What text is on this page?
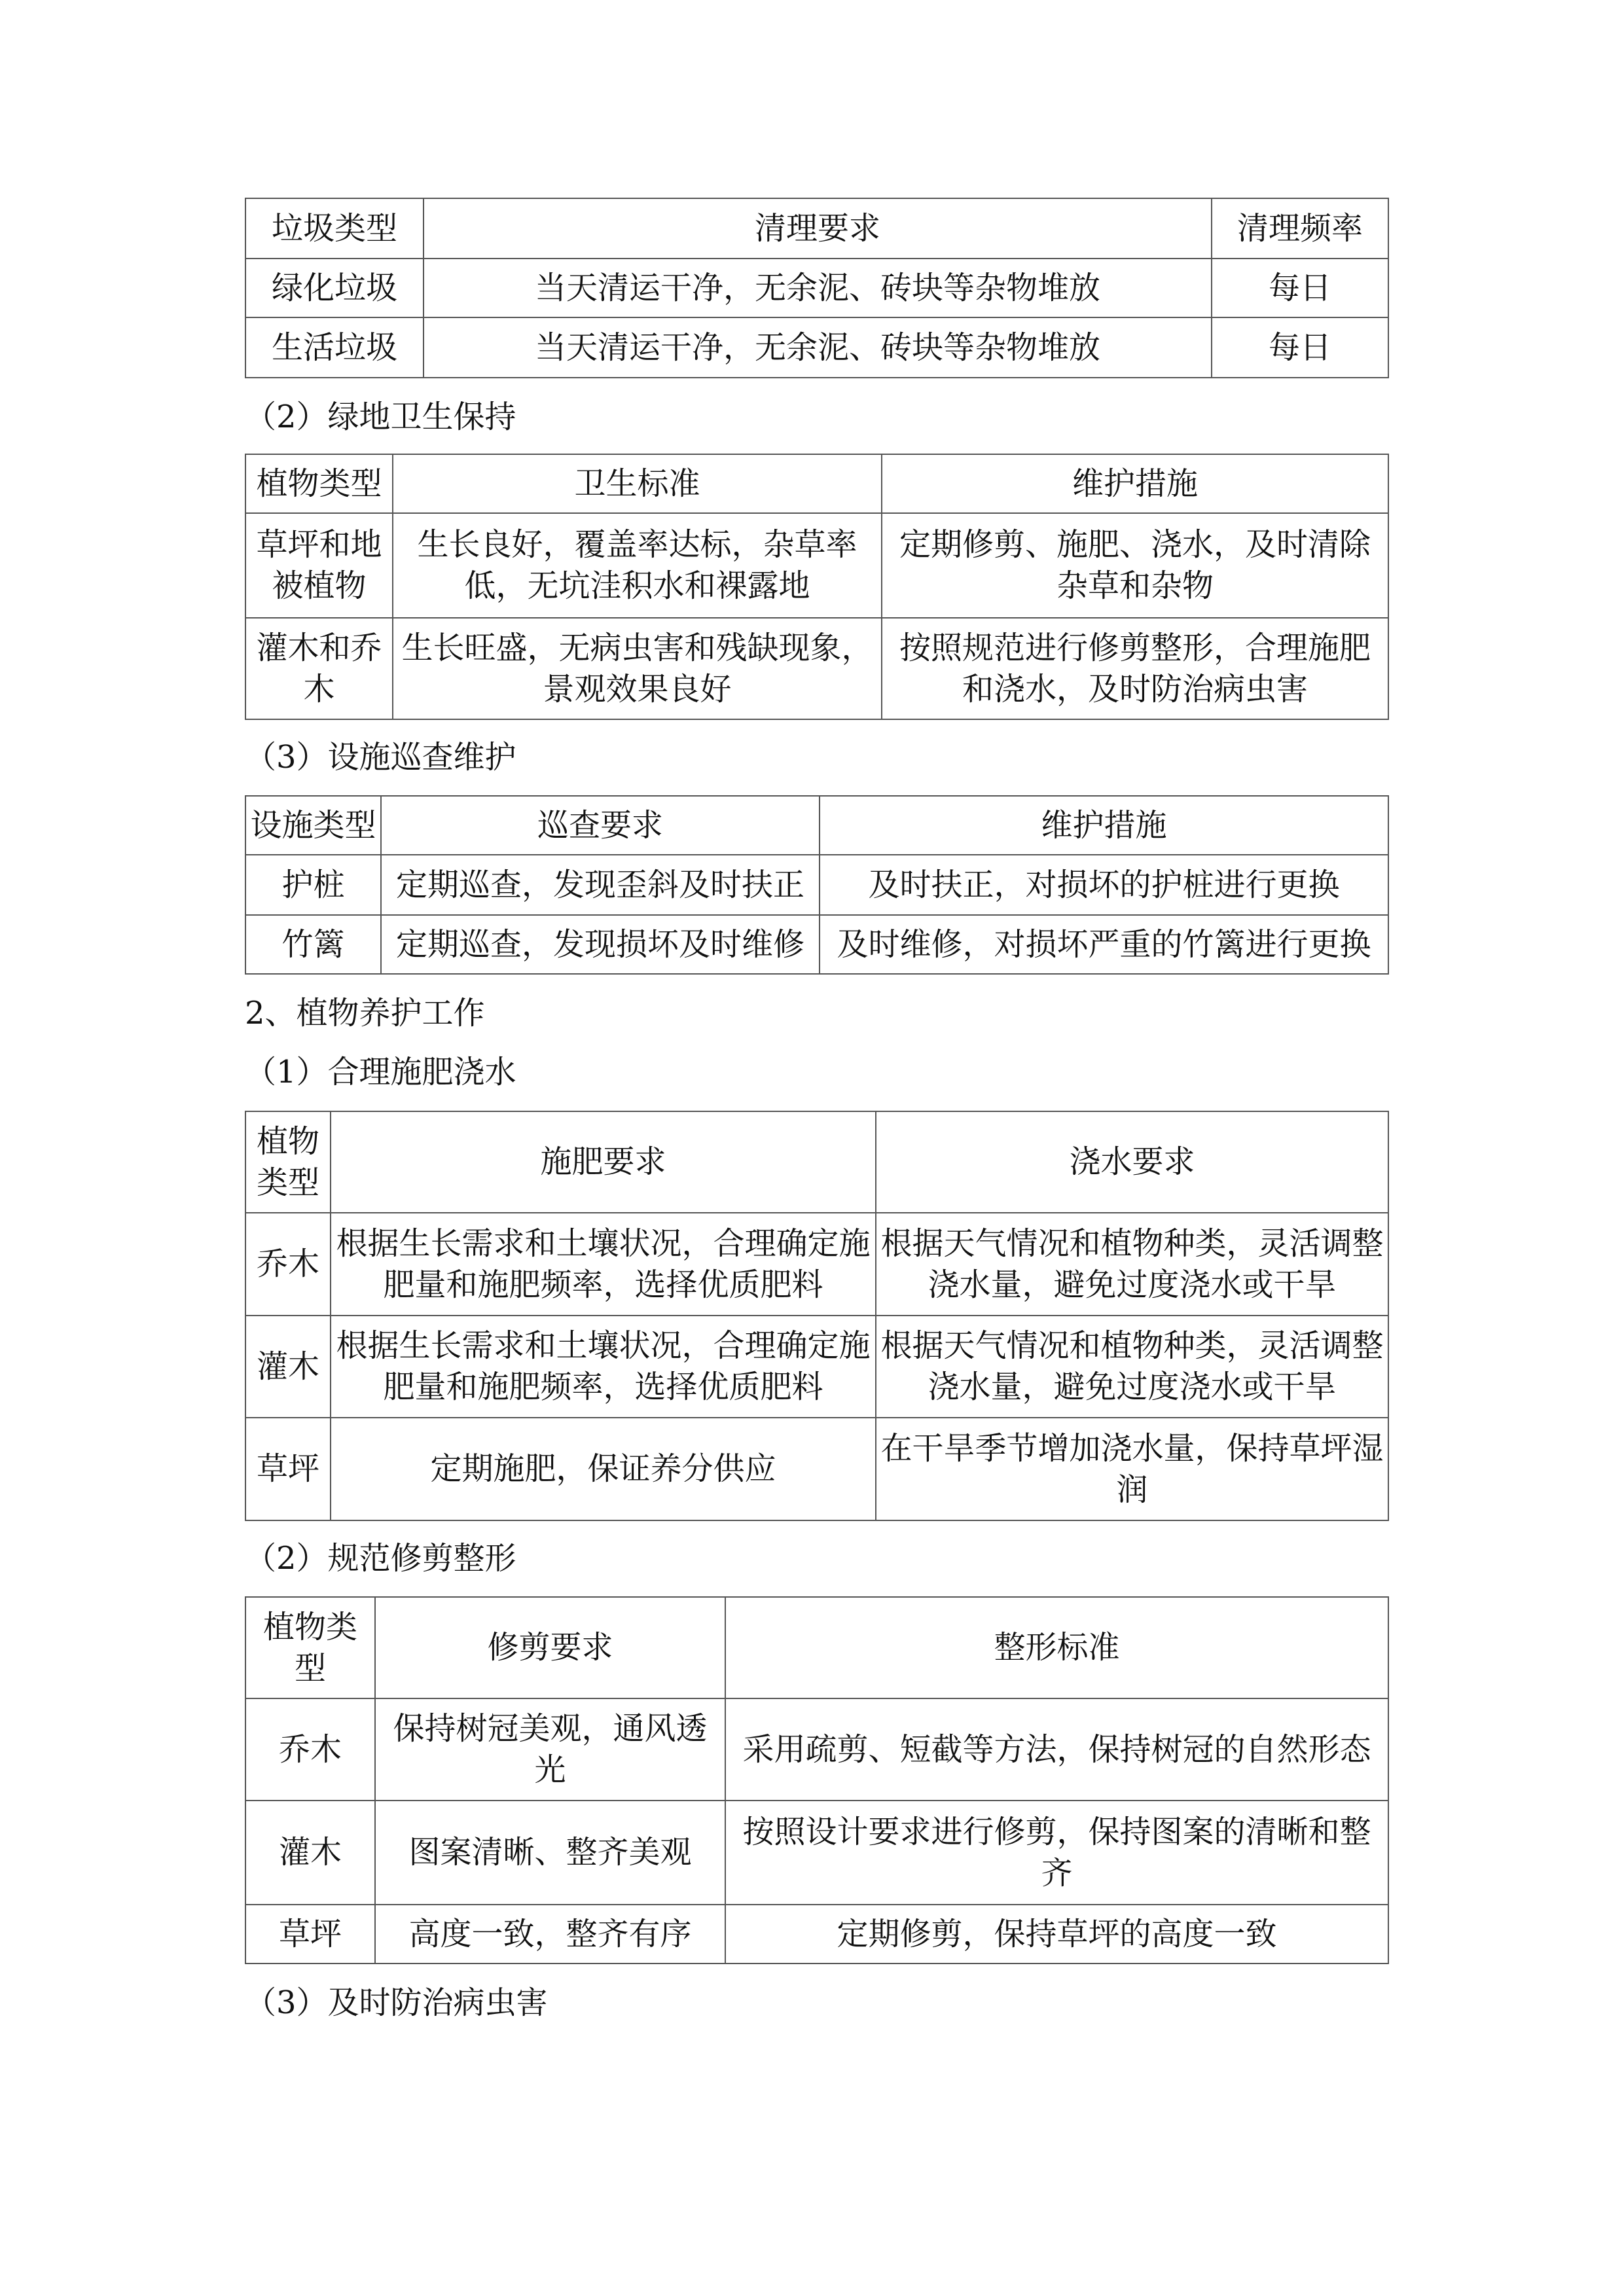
垃圾类型	清理要求	清理频率
绿化垃圾	当天清运干净，无余泥、砖块等杂物堆放	每日
生活垃圾	当天清运干净，无余泥、砖块等杂物堆放	每日
（2）绿地卫生保持
植物类型	卫生标准	维护措施
草坪和地被植物	生长良好，覆盖率达标，杂草率低，无坑洼积水和裸露地	定期修剪、施肥、浇水，及时清除杂草和杂物
灌木和乔木	生长旺盛，无病虫害和残缺现象，景观效果良好	按照规范进行修剪整形，合理施肥和浇水，及时防治病虫害
（3）设施巡查维护
设施类型	巡查要求	维护措施
护桩	定期巡查，发现歪斜及时扶正	及时扶正，对损坏的护桩进行更换
竹篱	定期巡查，发现损坏及时维修	及时维修，对损坏严重的竹篱进行更换
2、植物养护工作
（1）合理施肥浇水
植物类型	施肥要求	浇水要求
乔木	根据生长需求和土壤状况，合理确定施肥量和施肥频率，选择优质肥料	根据天气情况和植物种类，灵活调整浇水量，避免过度浇水或干旱
灌木	根据生长需求和土壤状况，合理确定施肥量和施肥频率，选择优质肥料	根据天气情况和植物种类，灵活调整浇水量，避免过度浇水或干旱
草坪	定期施肥，保证养分供应	在干旱季节增加浇水量，保持草坪湿润
（2）规范修剪整形
植物类型	修剪要求	整形标准
乔木	保持树冠美观，通风透光	采用疏剪、短截等方法，保持树冠的自然形态
灌木	图案清晰、整齐美观	按照设计要求进行修剪，保持图案的清晰和整齐
草坪	高度一致，整齐有序	定期修剪，保持草坪的高度一致
（3）及时防治病虫害
